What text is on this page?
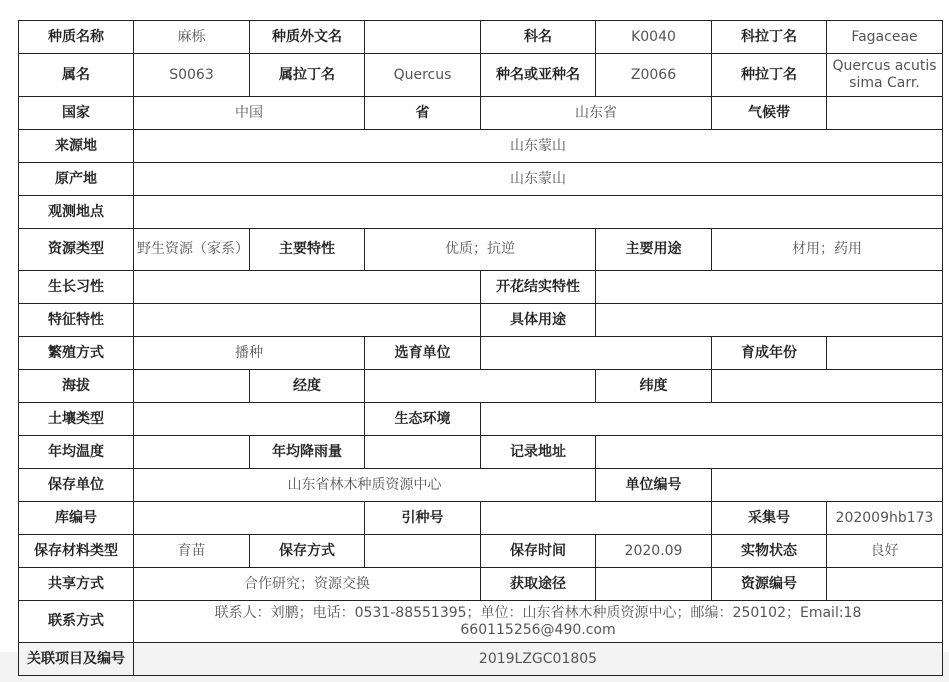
种质名称	麻栎	种质外文名		科名	K0040	科拉丁名	Fagaceae
属名	S0063	属拉丁名	Quercus	种名或亚种名	Z0066	种拉丁名	Quercus acutissima Carr.
国家	中国		省	山东省		气候带	
来源地	山东蒙山						
原产地	山东蒙山						
观测地点							
资源类型	野生资源（家系）	主要特性	优质；抗逆		主要用途	材用；药用	
生长习性				开花结实特性			
特征特性				具体用途			
繁殖方式	播种		选育单位			育成年份	
海拔		经度			纬度		
土壤类型			生态环境				
年均温度		年均降雨量		记录地址			
保存单位	山东省林木种质资源中心				单位编号		
库编号			引种号			采集号	202009hb173
保存材料类型	育苗	保存方式		保存时间	2020.09	实物状态	良好
共享方式	合作研究；资源交换			获取途径		资源编号	
联系方式	联系人：刘鹏；电话：0531-88551395；单位：山东省林木种质资源中心；邮编：250102；Email:18660115256@490.com						
关联项目及编号	2019LZGC01805						
